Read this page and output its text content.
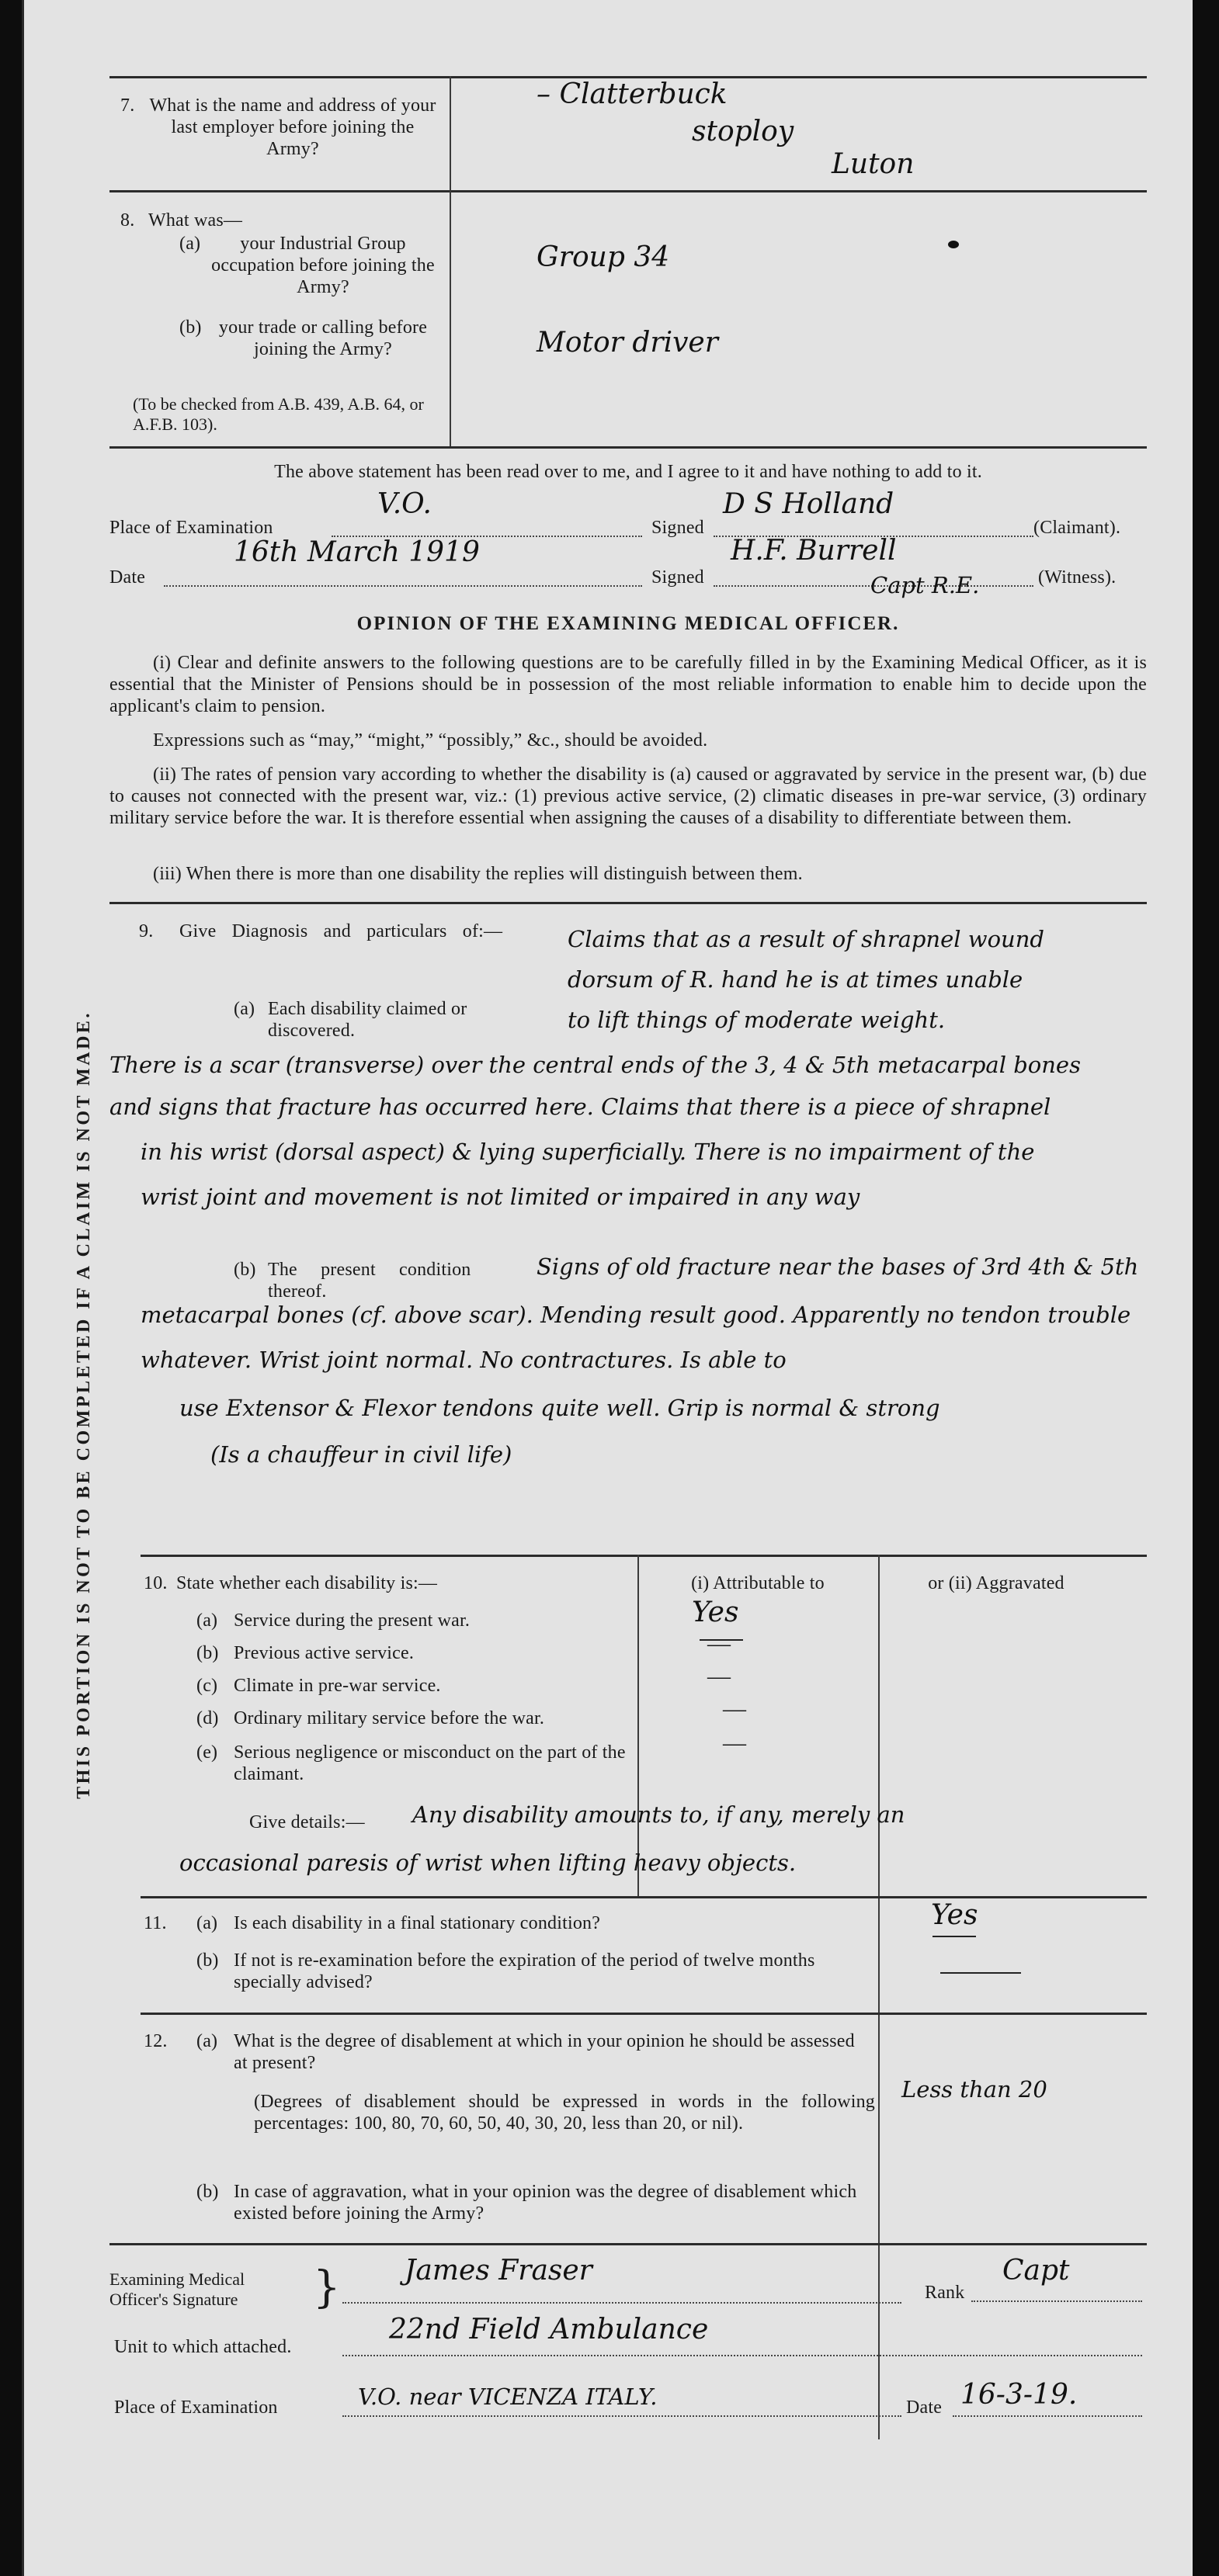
7. What is the name and address of your last employer before joining the Army?
– Clatterbuck
stoploy
Luton
8. What was—
(a)	your Industrial Group occupation before joining the Army?
(b) your trade or calling before joining the Army?
(To be checked from A.B. 439, A.B. 64, or A.F.B. 103).
Group 34
Motor driver
The above statement has been read over to me, and I agree to it and have nothing to add to it.
Place of Examination
V.O.
Signed
D S Holland
(Claimant).
Date
16th March 1919
Signed
H.F. Burrell
Capt R.E.	(Witness).
OPINION OF THE EXAMINING MEDICAL OFFICER.
(i) Clear and definite answers to the following questions are to be carefully filled in by the Examining Medical Officer, as it is essential that the Minister of Pensions should be in possession of the most reliable information to enable him to decide upon the applicant's claim to pension.
Expressions such as “may,” “might,” “possibly,” &c., should be avoided.
(ii) The rates of pension vary according to whether the disability is (a) caused or aggravated by service in the present war, (b) due to causes not connected with the present war, viz.: (1) previous active service, (2) climatic diseases in pre-war service, (3) ordinary military service before the war. It is therefore essential when assigning the causes of a disability to differentiate between them.
(iii) When there is more than one disability the replies will distinguish between them.
THIS PORTION IS NOT TO BE COMPLETED IF A CLAIM IS NOT MADE.
9. Give Diagnosis and particulars of:—
(a) Each disability claimed or discovered.
Claims that as a result of shrapnel wound
dorsum of R. hand he is at times unable
to lift things of moderate weight.
There is a scar (transverse) over the central ends of the 3, 4 & 5th metacarpal bones
and signs that fracture has occurred here. Claims that there is a piece of shrapnel
in his wrist (dorsal aspect) & lying superficially. There is no impairment of the
wrist joint and movement is not limited or impaired in any way
(b) The present condition thereof.
Signs of old fracture near the bases of 3rd 4th & 5th
metacarpal bones (cf. above scar). Mending result good. Apparently no tendon trouble
whatever. Wrist joint normal. No contractures. Is able to
use Extensor & Flexor tendons quite well. Grip is normal & strong
(Is a chauffeur in civil life)
10. State whether each disability is:—	(i) Attributable to	or (ii) Aggravated
(a) Service during the present war.	Yes
(b) Previous active service.	—
(c) Climate in pre-war service.	—
(d) Ordinary military service before the war.	—
(e) Serious negligence or misconduct on the part of the claimant.
—
Give details:— Any disability amounts to, if any, merely an
occasional paresis of wrist when lifting heavy objects.
11. (a) Is each disability in a final stationary condition?
(b) If not is re-examination before the expiration of the period of twelve months specially advised?
Yes
12. (a) What is the degree of disablement at which in your opinion he should be assessed at present?
(Degrees of disablement should be expressed in words in the following percentages: 100, 80, 70, 60, 50, 40, 30, 20, less than 20, or nil).
(b) In case of aggravation, what in your opinion was the degree of disablement which existed before joining the Army?
Less than 20
Examining Medical Officer's Signature	} James Fraser
Rank
Capt
Unit to which attached.
22nd Field Ambulance
Place of Examination	V.O. near VICENZA ITALY.	Date 16-3-19.
